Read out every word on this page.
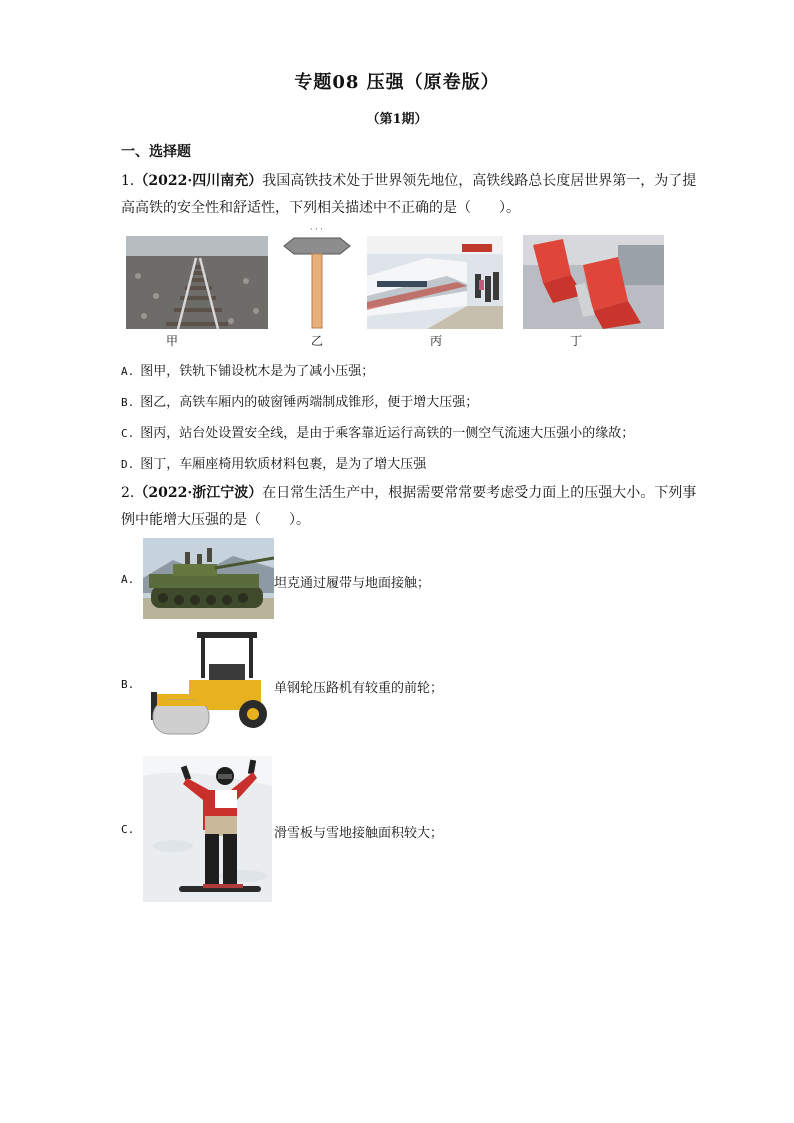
专题08 压强（原卷版）
（第1期）
一、选择题
1.（2022·四川南充）我国高铁技术处于世界领先地位，高铁线路总长度居世界第一，为了提
高高铁的安全性和舒适性，下列相关描述中不正确的是（　　）。
· · ·
甲	乙	丙	丁
A. 图甲，铁轨下铺设枕木是为了减小压强；
B. 图乙，高铁车厢内的破窗锤两端制成锥形，便于增大压强；
C. 图丙，站台处设置安全线，是由于乘客靠近运行高铁的一侧空气流速大压强小的缘故；
D. 图丁，车厢座椅用软质材料包裹，是为了增大压强
2.（2022·浙江宁波）在日常生活生产中，根据需要常常要考虑受力面上的压强大小。下列事
例中能增大压强的是（　　）。
A.	坦克通过履带与地面接触；
B.	单钢轮压路机有较重的前轮；
C.	滑雪板与雪地接触面积较大；
